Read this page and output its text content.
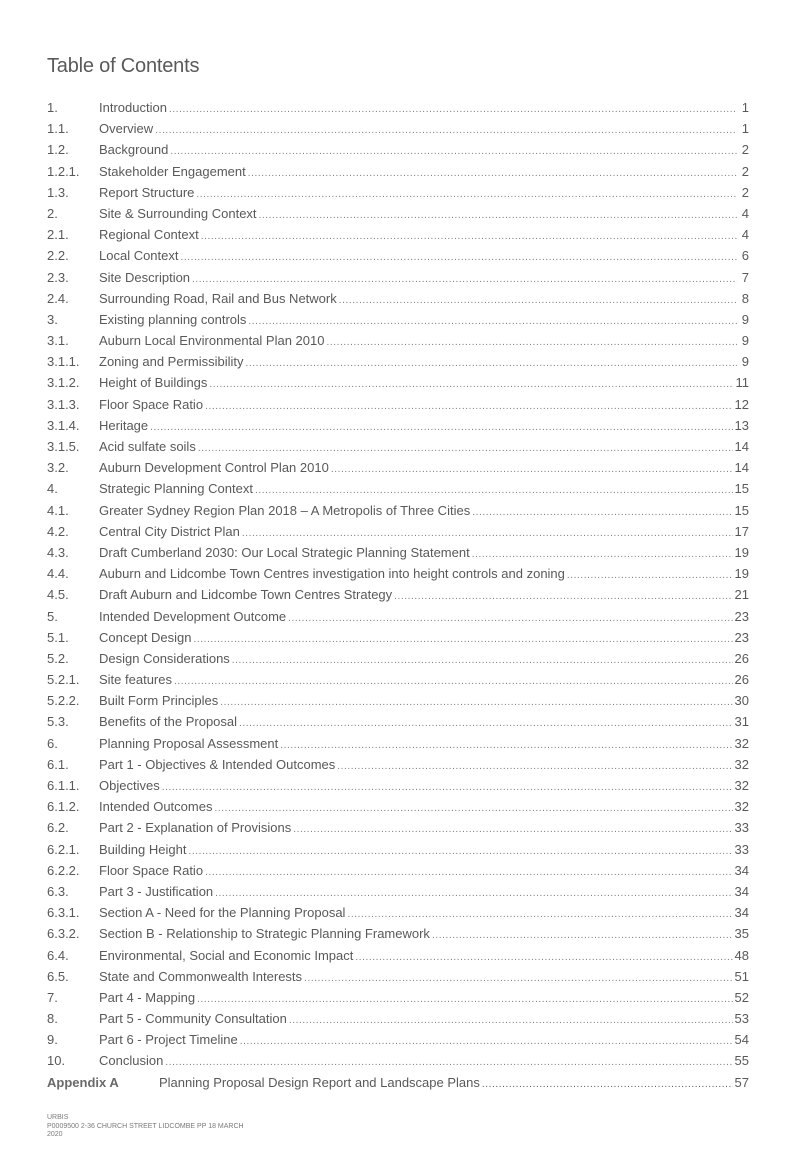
Table of Contents
1.	Introduction .....	1
1.1.	Overview .....	1
1.2.	Background .....	2
1.2.1.	Stakeholder Engagement .....	2
1.3.	Report Structure .....	2
2.	Site & Surrounding Context .....	4
2.1.	Regional Context .....	4
2.2.	Local Context .....	6
2.3.	Site Description .....	7
2.4.	Surrounding Road, Rail and Bus Network .....	8
3.	Existing planning controls .....	9
3.1.	Auburn Local Environmental Plan 2010 .....	9
3.1.1.	Zoning and Permissibility .....	9
3.1.2.	Height of Buildings .....	11
3.1.3.	Floor Space Ratio .....	12
3.1.4.	Heritage .....	13
3.1.5.	Acid sulfate soils .....	14
3.2.	Auburn Development Control Plan 2010 .....	14
4.	Strategic Planning Context .....	15
4.1.	Greater Sydney Region Plan 2018 – A Metropolis of Three Cities .....	15
4.2.	Central City District Plan .....	17
4.3.	Draft Cumberland 2030: Our Local Strategic Planning Statement .....	19
4.4.	Auburn and Lidcombe Town Centres investigation into height controls and zoning .....	19
4.5.	Draft Auburn and Lidcombe Town Centres Strategy .....	21
5.	Intended Development Outcome .....	23
5.1.	Concept Design .....	23
5.2.	Design Considerations .....	26
5.2.1.	Site features .....	26
5.2.2.	Built Form Principles .....	30
5.3.	Benefits of the Proposal .....	31
6.	Planning Proposal Assessment .....	32
6.1.	Part 1 - Objectives & Intended Outcomes .....	32
6.1.1.	Objectives .....	32
6.1.2.	Intended Outcomes .....	32
6.2.	Part 2 - Explanation of Provisions .....	33
6.2.1.	Building Height .....	33
6.2.2.	Floor Space Ratio .....	34
6.3.	Part 3 - Justification .....	34
6.3.1.	Section A - Need for the Planning Proposal .....	34
6.3.2.	Section B - Relationship to Strategic Planning Framework .....	35
6.4.	Environmental, Social and Economic Impact .....	48
6.5.	State and Commonwealth Interests .....	51
7.	Part 4 - Mapping .....	52
8.	Part 5 - Community Consultation .....	53
9.	Part 6 - Project Timeline .....	54
10.	Conclusion .....	55
Appendix A	Planning Proposal Design Report and Landscape Plans .....	57
URBIS
P0009500 2-36 CHURCH STREET LIDCOMBE PP 18 MARCH
2020
